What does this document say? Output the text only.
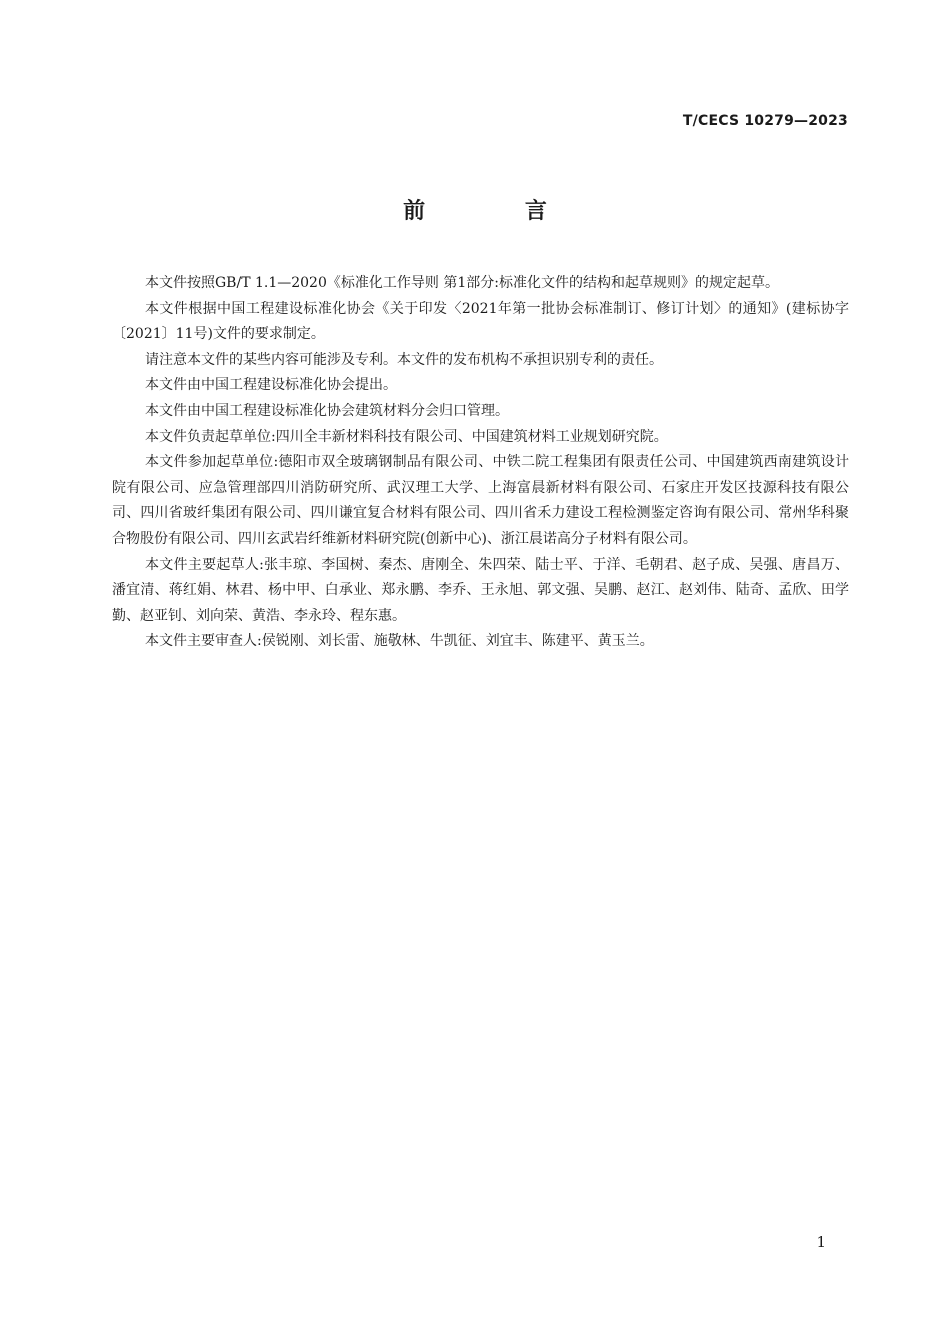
T/CECS 10279—2023
前 言

本文件按照GB/T 1.1—2020《标准化工作导则 第1部分:标准化文件的结构和起草规则》的规定起草。

本文件根据中国工程建设标准化协会《关于印发〈2021年第一批协会标准制订、修订计划〉的通知》(建标协字〔2021〕11号)文件的要求制定。

请注意本文件的某些内容可能涉及专利。本文件的发布机构不承担识别专利的责任。

本文件由中国工程建设标准化协会提出。

本文件由中国工程建设标准化协会建筑材料分会归口管理。

本文件负责起草单位:四川全丰新材料科技有限公司、中国建筑材料工业规划研究院。

本文件参加起草单位:德阳市双全玻璃钢制品有限公司、中铁二院工程集团有限责任公司、中国建筑西南建筑设计院有限公司、应急管理部四川消防研究所、武汉理工大学、上海富晨新材料有限公司、石家庄开发区技源科技有限公司、四川省玻纤集团有限公司、四川谦宜复合材料有限公司、四川省禾力建设工程检测鉴定咨询有限公司、常州华科聚合物股份有限公司、四川玄武岩纤维新材料研究院(创新中心)、浙江晨诺高分子材料有限公司。

本文件主要起草人:张丰琼、李国树、秦杰、唐刚全、朱四荣、陆士平、于洋、毛朝君、赵子成、吴强、唐昌万、潘宜清、蒋红娟、林君、杨中甲、白承业、郑永鹏、李乔、王永旭、郭文强、吴鹏、赵江、赵刘伟、陆奇、孟欣、田学勤、赵亚钊、刘向荣、黄浩、李永玲、程东惠。

本文件主要审查人:侯锐刚、刘长雷、施敬林、牛凯征、刘宜丰、陈建平、黄玉兰。

1
